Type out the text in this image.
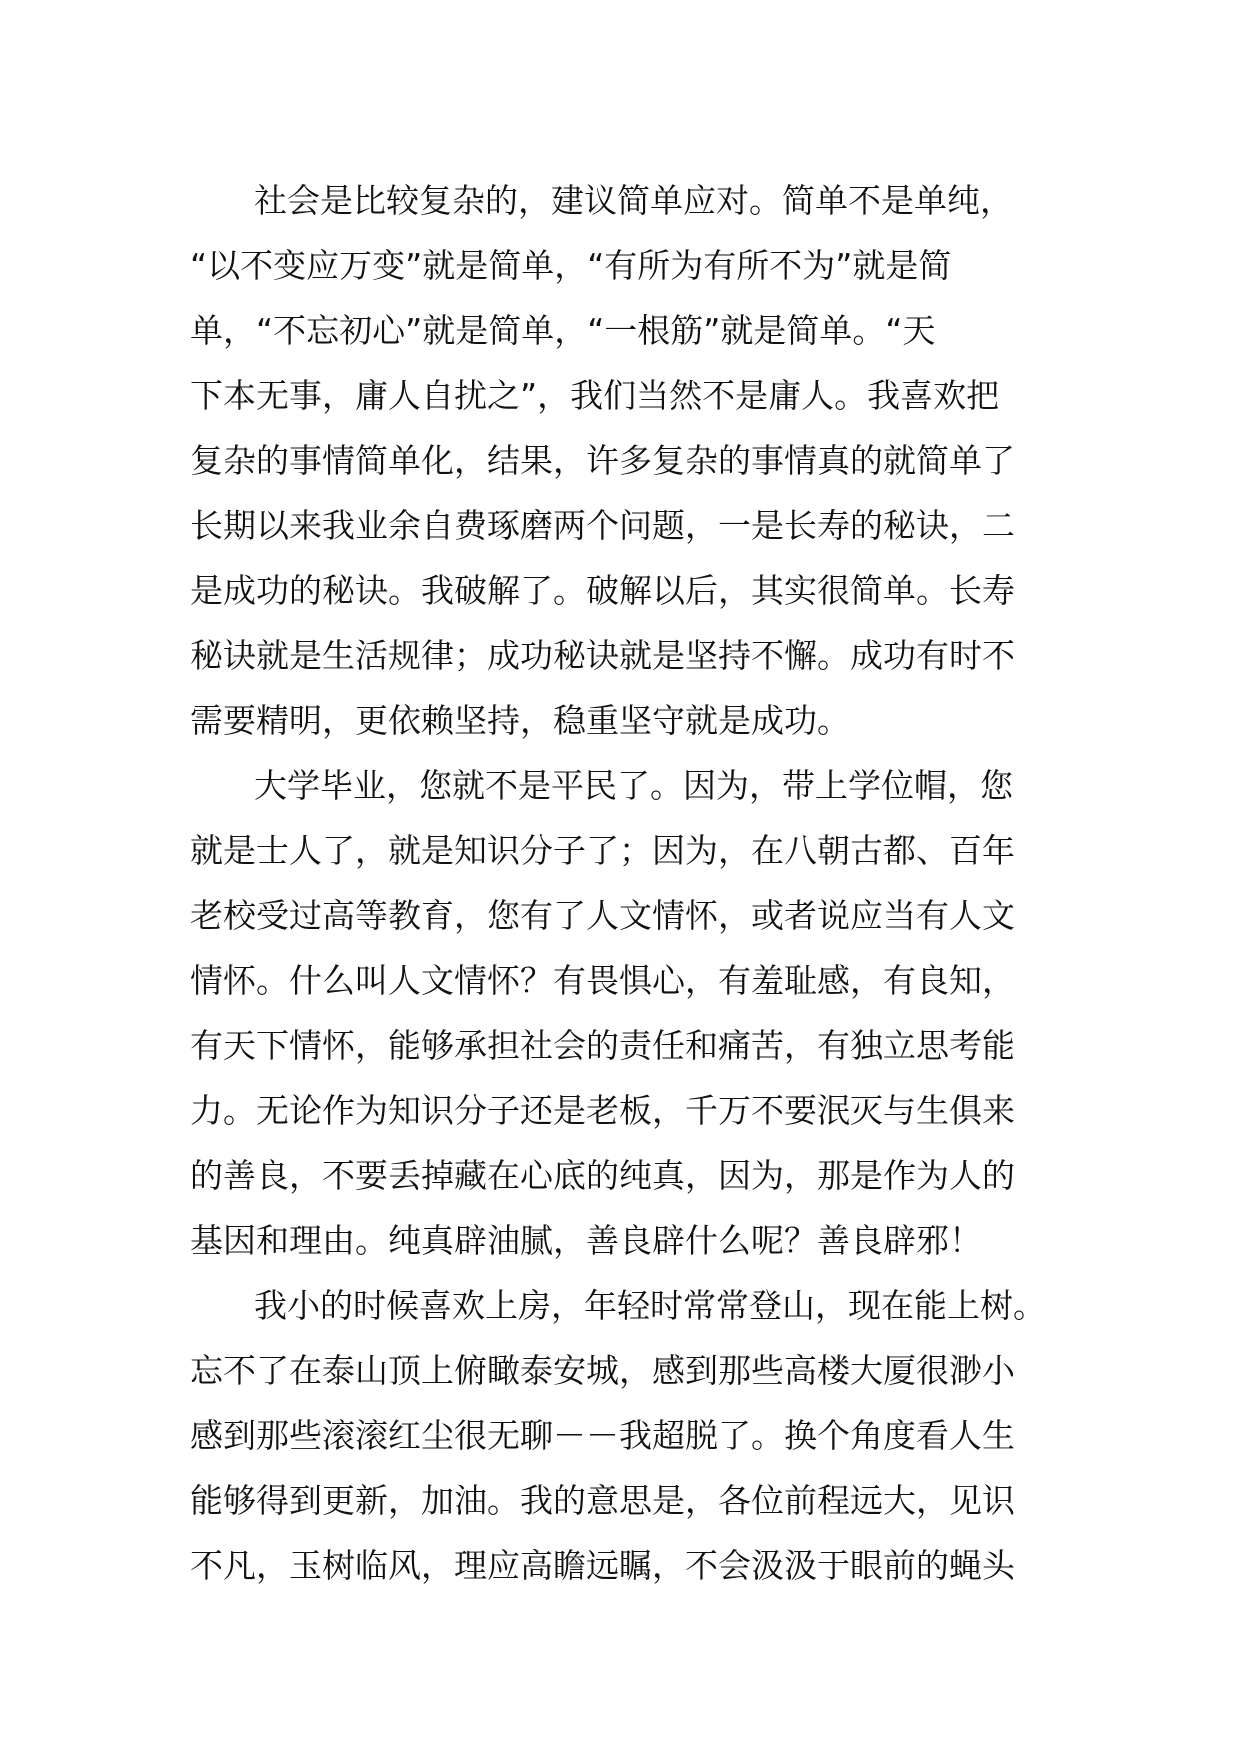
社会是比较复杂的，建议简单应对。简单不是单纯，
“以不变应万变”就是简单，“有所为有所不为”就是简
单，“不忘初心”就是简单，“一根筋”就是简单。“天
下本无事，庸人自扰之”，我们当然不是庸人。我喜欢把
复杂的事情简单化，结果，许多复杂的事情真的就简单了
长期以来我业余自费琢磨两个问题，一是长寿的秘诀，二
是成功的秘诀。我破解了。破解以后，其实很简单。长寿
秘诀就是生活规律；成功秘诀就是坚持不懈。成功有时不
需要精明，更依赖坚持，稳重坚守就是成功。
大学毕业，您就不是平民了。因为，带上学位帽，您
就是士人了，就是知识分子了；因为，在八朝古都、百年
老校受过高等教育，您有了人文情怀，或者说应当有人文
情怀。什么叫人文情怀？有畏惧心，有羞耻感，有良知，
有天下情怀，能够承担社会的责任和痛苦，有独立思考能
力。无论作为知识分子还是老板，千万不要泯灭与生俱来
的善良，不要丢掉藏在心底的纯真，因为，那是作为人的
基因和理由。纯真辟油腻，善良辟什么呢？善良辟邪！
我小的时候喜欢上房，年轻时常常登山，现在能上树。
忘不了在泰山顶上俯瞰泰安城，感到那些高楼大厦很渺小
感到那些滚滚红尘很无聊－－我超脱了。换个角度看人生
能够得到更新，加油。我的意思是，各位前程远大，见识
不凡，玉树临风，理应高瞻远瞩，不会汲汲于眼前的蝇头
